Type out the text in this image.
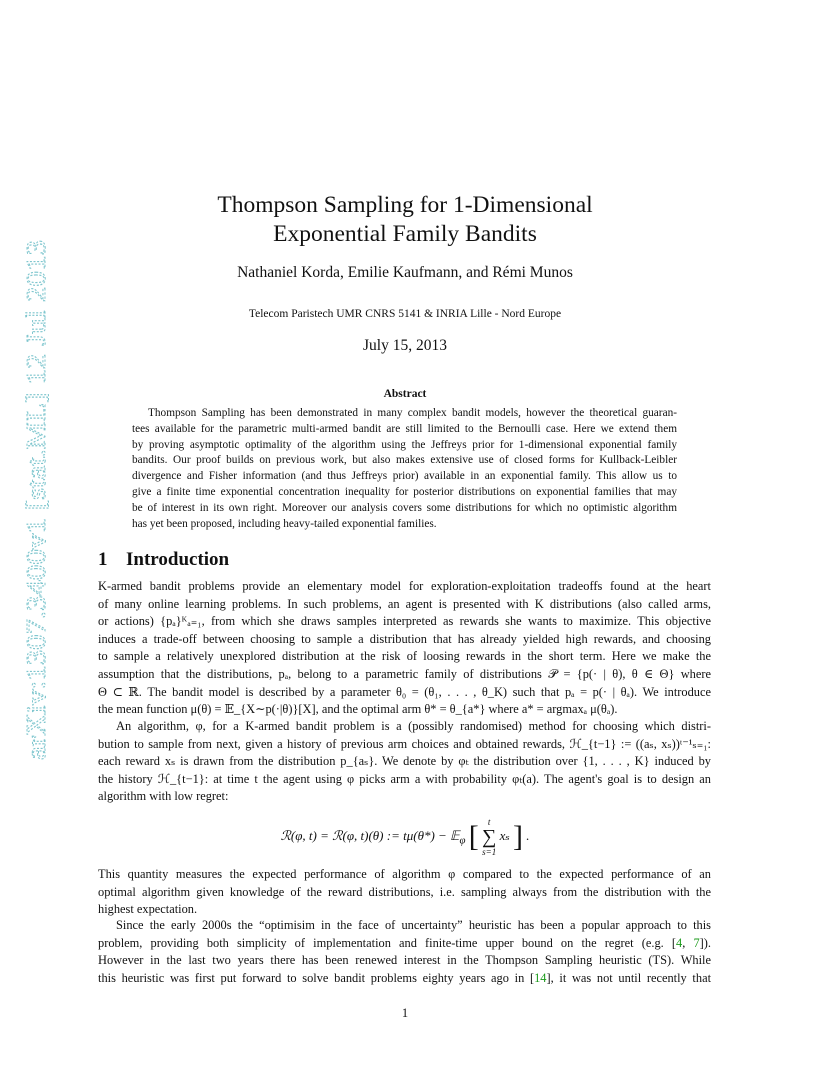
arXiv:1307.3400v1 [stat.ML] 12 Jul 2013
Thompson Sampling for 1-Dimensional
Exponential Family Bandits
Nathaniel Korda, Emilie Kaufmann, and Rémi Munos
Telecom Paristech UMR CNRS 5141 & INRIA Lille - Nord Europe
July 15, 2013
Abstract
Thompson Sampling has been demonstrated in many complex bandit models, however the theoretical guaran-
tees available for the parametric multi-armed bandit are still limited to the Bernoulli case. Here we extend them
by proving asymptotic optimality of the algorithm using the Jeffreys prior for 1-dimensional exponential family
bandits. Our proof builds on previous work, but also makes extensive use of closed forms for Kullback-Leibler
divergence and Fisher information (and thus Jeffreys prior) available in an exponential family. This allow us to
give a finite time exponential concentration inequality for posterior distributions on exponential families that may
be of interest in its own right. Moreover our analysis covers some distributions for which no optimistic algorithm
has yet been proposed, including heavy-tailed exponential families.
1 Introduction
K-armed bandit problems provide an elementary model for exploration-exploitation tradeoffs found at the heart
of many online learning problems. In such problems, an agent is presented with K distributions (also called arms,
or actions) {pₐ}ᴷₐ₌₁, from which she draws samples interpreted as rewards she wants to maximize. This objective
induces a trade-off between choosing to sample a distribution that has already yielded high rewards, and choosing
to sample a relatively unexplored distribution at the risk of loosing rewards in the short term. Here we make the
assumption that the distributions, pₐ, belong to a parametric family of distributions 𝒫 = {p(· | θ), θ ∈ Θ} where
Θ ⊂ ℝ. The bandit model is described by a parameter θ₀ = (θ₁, . . . , θ_K) such that pₐ = p(· | θₐ). We introduce
the mean function μ(θ) = 𝔼_{X∼p(·|θ)}[X], and the optimal arm θ* = θ_{a*} where a* = argmaxₐ μ(θₐ).
An algorithm, φ, for a K-armed bandit problem is a (possibly randomised) method for choosing which distri-
bution to sample from next, given a history of previous arm choices and obtained rewards, ℋ_{t−1} := ((aₛ, xₛ))ᵗ⁻¹ₛ₌₁:
each reward xₛ is drawn from the distribution p_{aₛ}. We denote by φₜ the distribution over {1, . . . , K} induced by
the history ℋ_{t−1}: at time t the agent using φ picks arm a with probability φₜ(a). The agent's goal is to design an
algorithm with low regret:
ℛ(φ, t) = ℛ(φ, t)(θ) := tμ(θ*) − 𝔼$_\varphi$ [	t
∑
s=1
xₛ ] .
This quantity measures the expected performance of algorithm φ compared to the expected performance of an
optimal algorithm given knowledge of the reward distributions, i.e. sampling always from the distribution with the
highest expectation.
Since the early 2000s the “optimisim in the face of uncertainty” heuristic has been a popular approach to this
problem, providing both simplicity of implementation and finite-time upper bound on the regret (e.g. [4, 7]).
However in the last two years there has been renewed interest in the Thompson Sampling heuristic (TS). While
this heuristic was first put forward to solve bandit problems eighty years ago in [14], it was not until recently that
1
